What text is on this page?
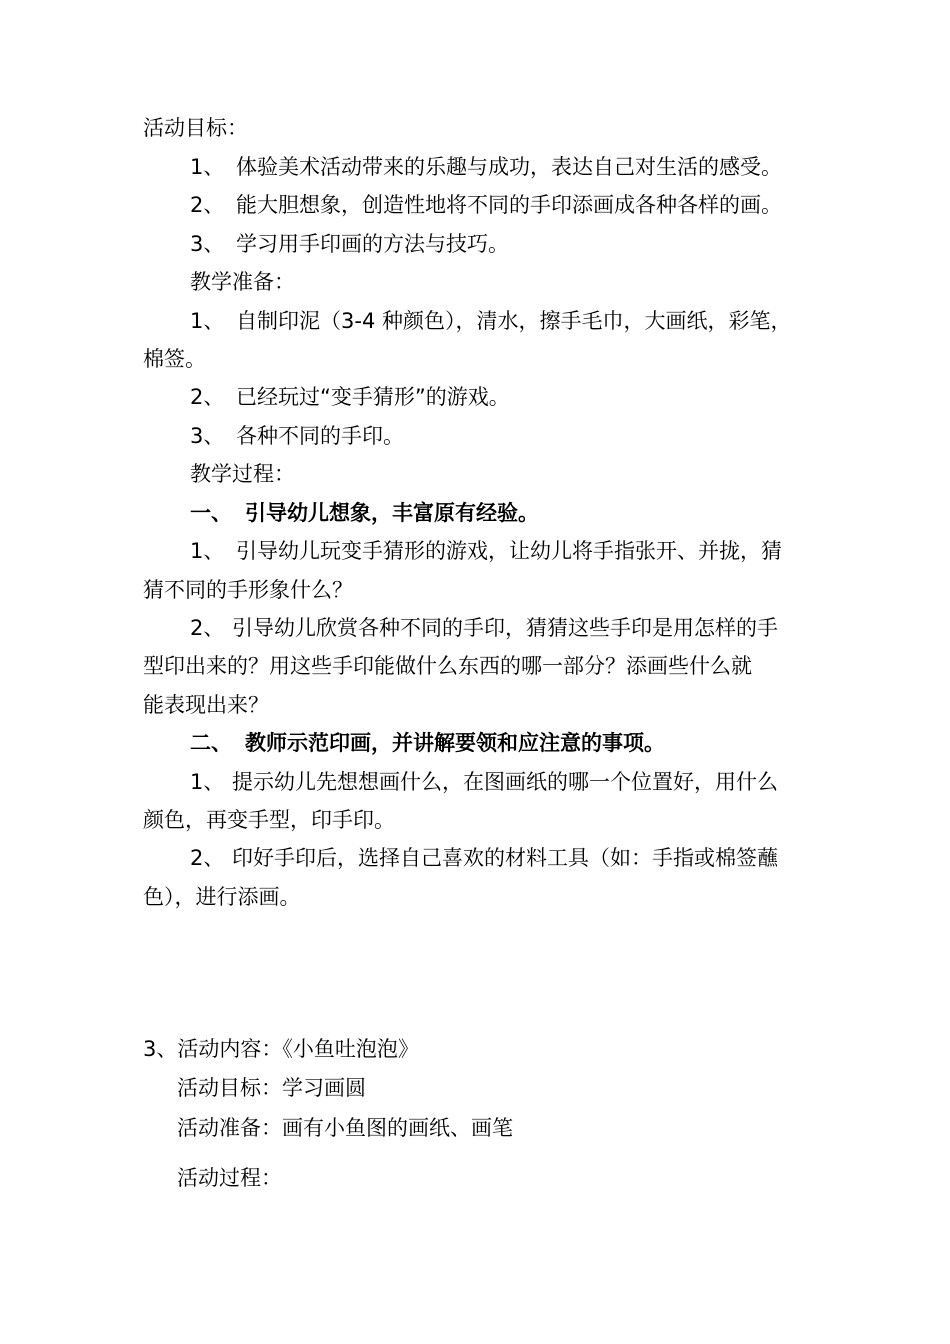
活动目标：
1、 体验美术活动带来的乐趣与成功，表达自己对生活的感受。
2、 能大胆想象，创造性地将不同的手印添画成各种各样的画。
3、 学习用手印画的方法与技巧。
教学准备：
1、 自制印泥（3-4 种颜色），清水，擦手毛巾，大画纸，彩笔，
棉签。
2、 已经玩过“变手猜形”的游戏。
3、 各种不同的手印。
教学过程：
一、 引导幼儿想象，丰富原有经验。
1、 引导幼儿玩变手猜形的游戏，让幼儿将手指张开、并拢，猜
猜不同的手形象什么？
2、 引导幼儿欣赏各种不同的手印，猜猜这些手印是用怎样的手
型印出来的？用这些手印能做什么东西的哪一部分？添画些什么就
能表现出来？
二、 教师示范印画，并讲解要领和应注意的事项。
1、 提示幼儿先想想画什么，在图画纸的哪一个位置好，用什么
颜色，再变手型，印手印。
2、 印好手印后，选择自己喜欢的材料工具（如：手指或棉签蘸
色），进行添画。
3、活动内容：《小鱼吐泡泡》
活动目标：学习画圆
活动准备：画有小鱼图的画纸、画笔
活动过程：
